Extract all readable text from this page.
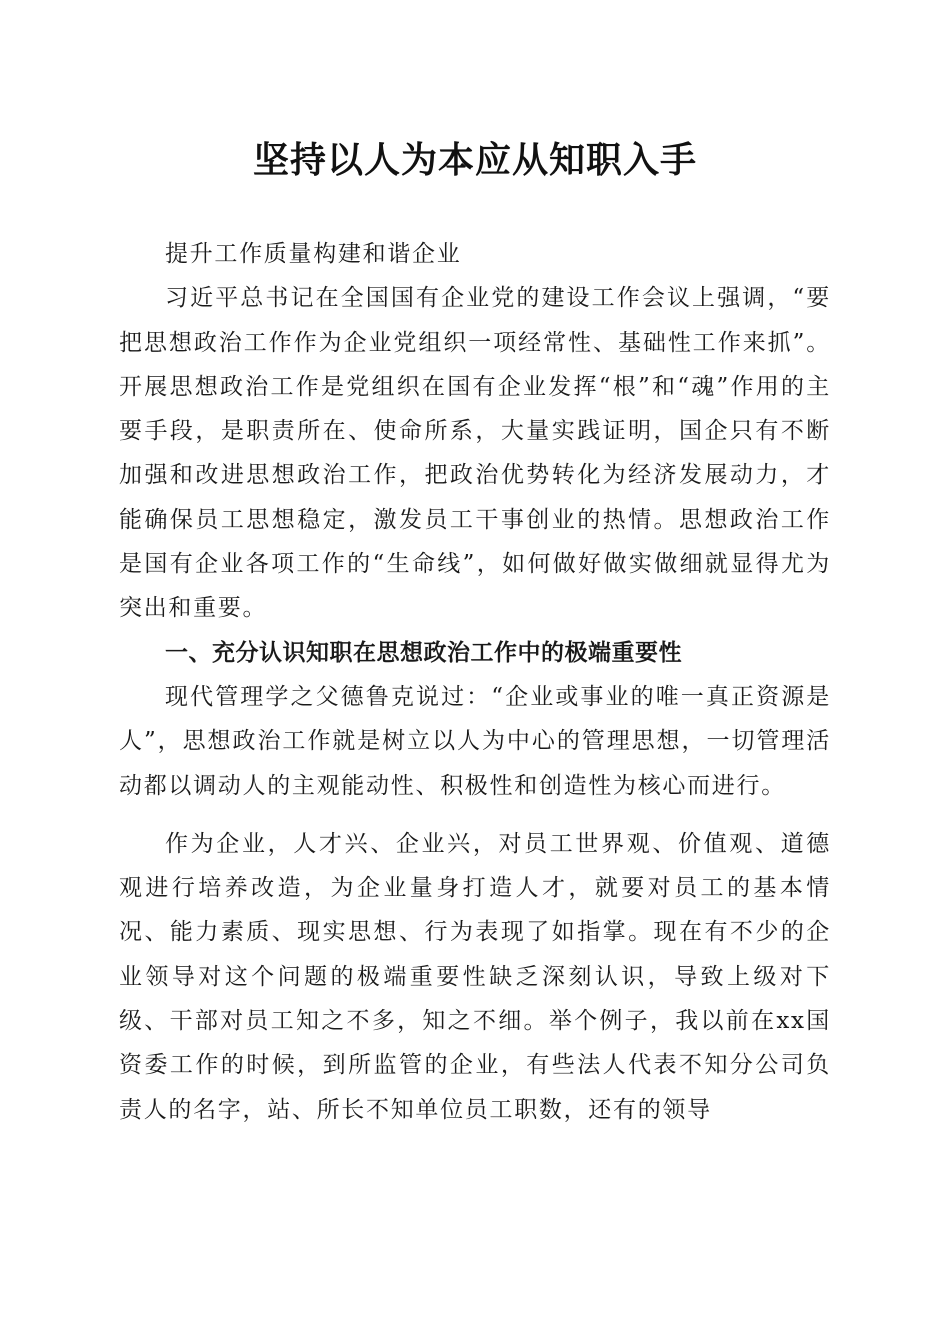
坚持以人为本应从知职入手

提升工作质量构建和谐企业

习近平总书记在全国国有企业党的建设工作会议上强调，“要把思想政治工作作为企业党组织一项经常性、基础性工作来抓”。开展思想政治工作是党组织在国有企业发挥“根”和“魂”作用的主要手段，是职责所在、使命所系，大量实践证明，国企只有不断加强和改进思想政治工作，把政治优势转化为经济发展动力，才能确保员工思想稳定，激发员工干事创业的热情。思想政治工作是国有企业各项工作的“生命线”，如何做好做实做细就显得尤为突出和重要。

一、充分认识知职在思想政治工作中的极端重要性

现代管理学之父德鲁克说过：“企业或事业的唯一真正资源是人”，思想政治工作就是树立以人为中心的管理思想，一切管理活动都以调动人的主观能动性、积极性和创造性为核心而进行。

作为企业，人才兴、企业兴，对员工世界观、价值观、道德观进行培养改造，为企业量身打造人才，就要对员工的基本情况、能力素质、现实思想、行为表现了如指掌。现在有不少的企业领导对这个问题的极端重要性缺乏深刻认识，导致上级对下级、干部对员工知之不多，知之不细。举个例子，我以前在xx国资委工作的时候，到所监管的企业，有些法人代表不知分公司负责人的名字，站、所长不知单位员工职数，还有的领导
